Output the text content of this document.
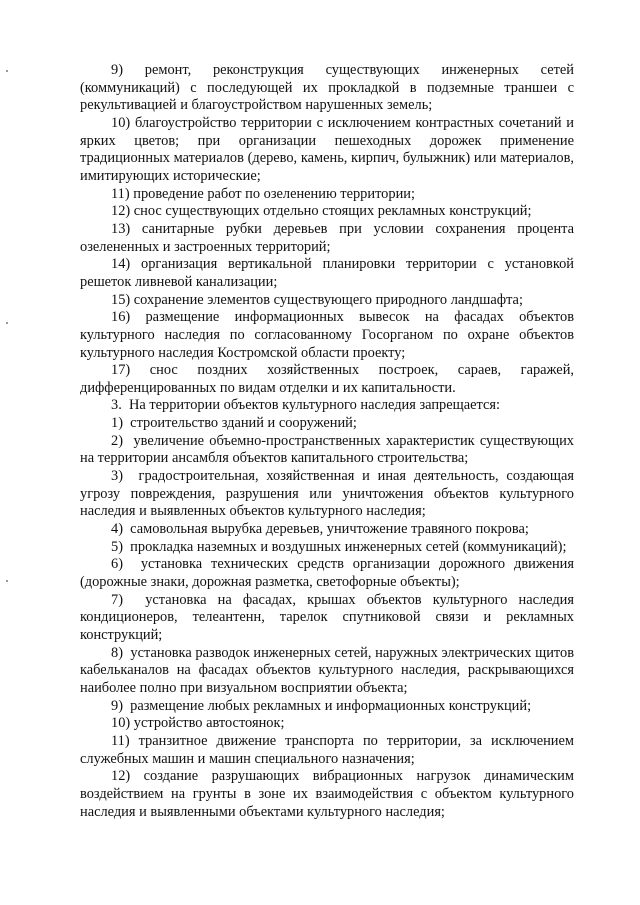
9) ремонт, реконструкция существующих инженерных сетей (коммуникаций) с последующей их прокладкой в подземные траншеи с рекультивацией и благоустройством нарушенных земель;

10) благоустройство территории с исключением контрастных сочетаний и ярких цветов; при организации пешеходных дорожек применение традиционных материалов (дерево, камень, кирпич, булыжник) или материалов, имитирующих исторические;

11) проведение работ по озеленению территории;

12) снос существующих отдельно стоящих рекламных конструкций;

13) санитарные рубки деревьев при условии сохранения процента озелененных и застроенных территорий;

14) организация вертикальной планировки территории с установкой решеток ливневой канализации;

15) сохранение элементов существующего природного ландшафта;

16) размещение информационных вывесок на фасадах объектов культурного наследия по согласованному Госорганом по охране объектов культурного наследия Костромской области проекту;

17) снос поздних хозяйственных построек, сараев, гаражей, дифференцированных по видам отделки и их капитальности.

3.  На территории объектов культурного наследия запрещается:

1)  строительство зданий и сооружений;

2)  увеличение объемно-пространственных характеристик существующих на территории ансамбля объектов капитального строительства;

3)  градостроительная, хозяйственная и иная деятельность, создающая угрозу повреждения, разрушения или уничтожения объектов культурного наследия и выявленных объектов культурного наследия;

4)  самовольная вырубка деревьев, уничтожение травяного покрова;

5)  прокладка наземных и воздушных инженерных сетей (коммуникаций);

6)  установка технических средств организации дорожного движения (дорожные знаки, дорожная разметка, светофорные объекты);

7)  установка на фасадах, крышах объектов культурного наследия кондиционеров, телеантенн, тарелок спутниковой связи и рекламных конструкций;

8)  установка разводок инженерных сетей, наружных электрических щитов кабельканалов на фасадах объектов культурного наследия, раскрывающихся наиболее полно при визуальном восприятии объекта;

9)  размещение любых рекламных и информационных конструкций;

10) устройство автостоянок;

11) транзитное движение транспорта по территории, за исключением служебных машин и машин специального назначения;

12) создание разрушающих вибрационных нагрузок динамическим воздействием на грунты в зоне их взаимодействия с объектом культурного наследия и выявленными объектами культурного наследия;
